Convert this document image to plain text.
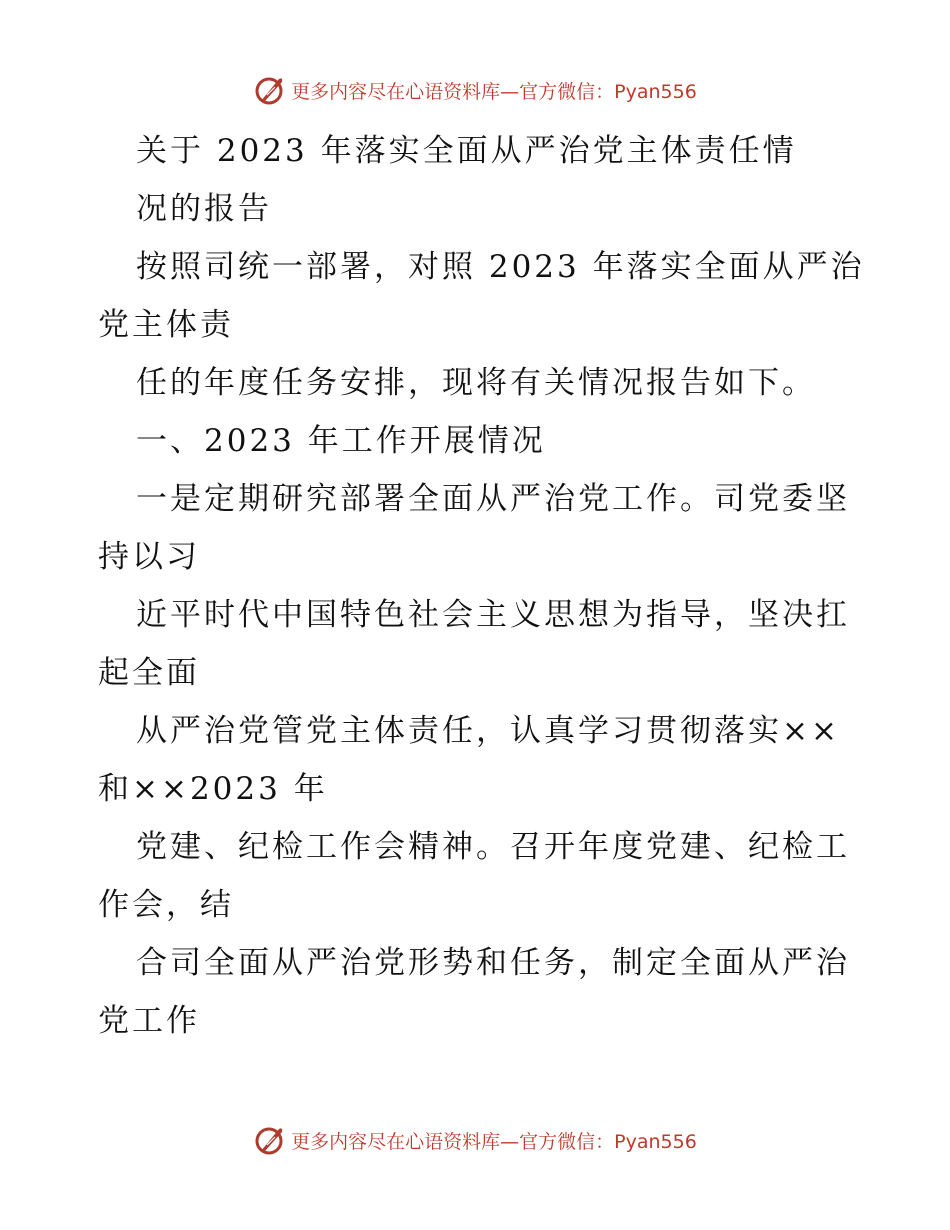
更多内容尽在心语资料库—官方微信：Pyan556
关于 2023 年落实全面从严治党主体责任情
况的报告
按照司统一部署，对照 2023 年落实全面从严治
党主体责
任的年度任务安排，现将有关情况报告如下。
一、2023 年工作开展情况
一是定期研究部署全面从严治党工作。司党委坚
持以习
近平时代中国特色社会主义思想为指导，坚决扛
起全面
从严治党管党主体责任，认真学习贯彻落实××
和××2023 年
党建、纪检工作会精神。召开年度党建、纪检工
作会，结
合司全面从严治党形势和任务，制定全面从严治
党工作
更多内容尽在心语资料库—官方微信：Pyan556
